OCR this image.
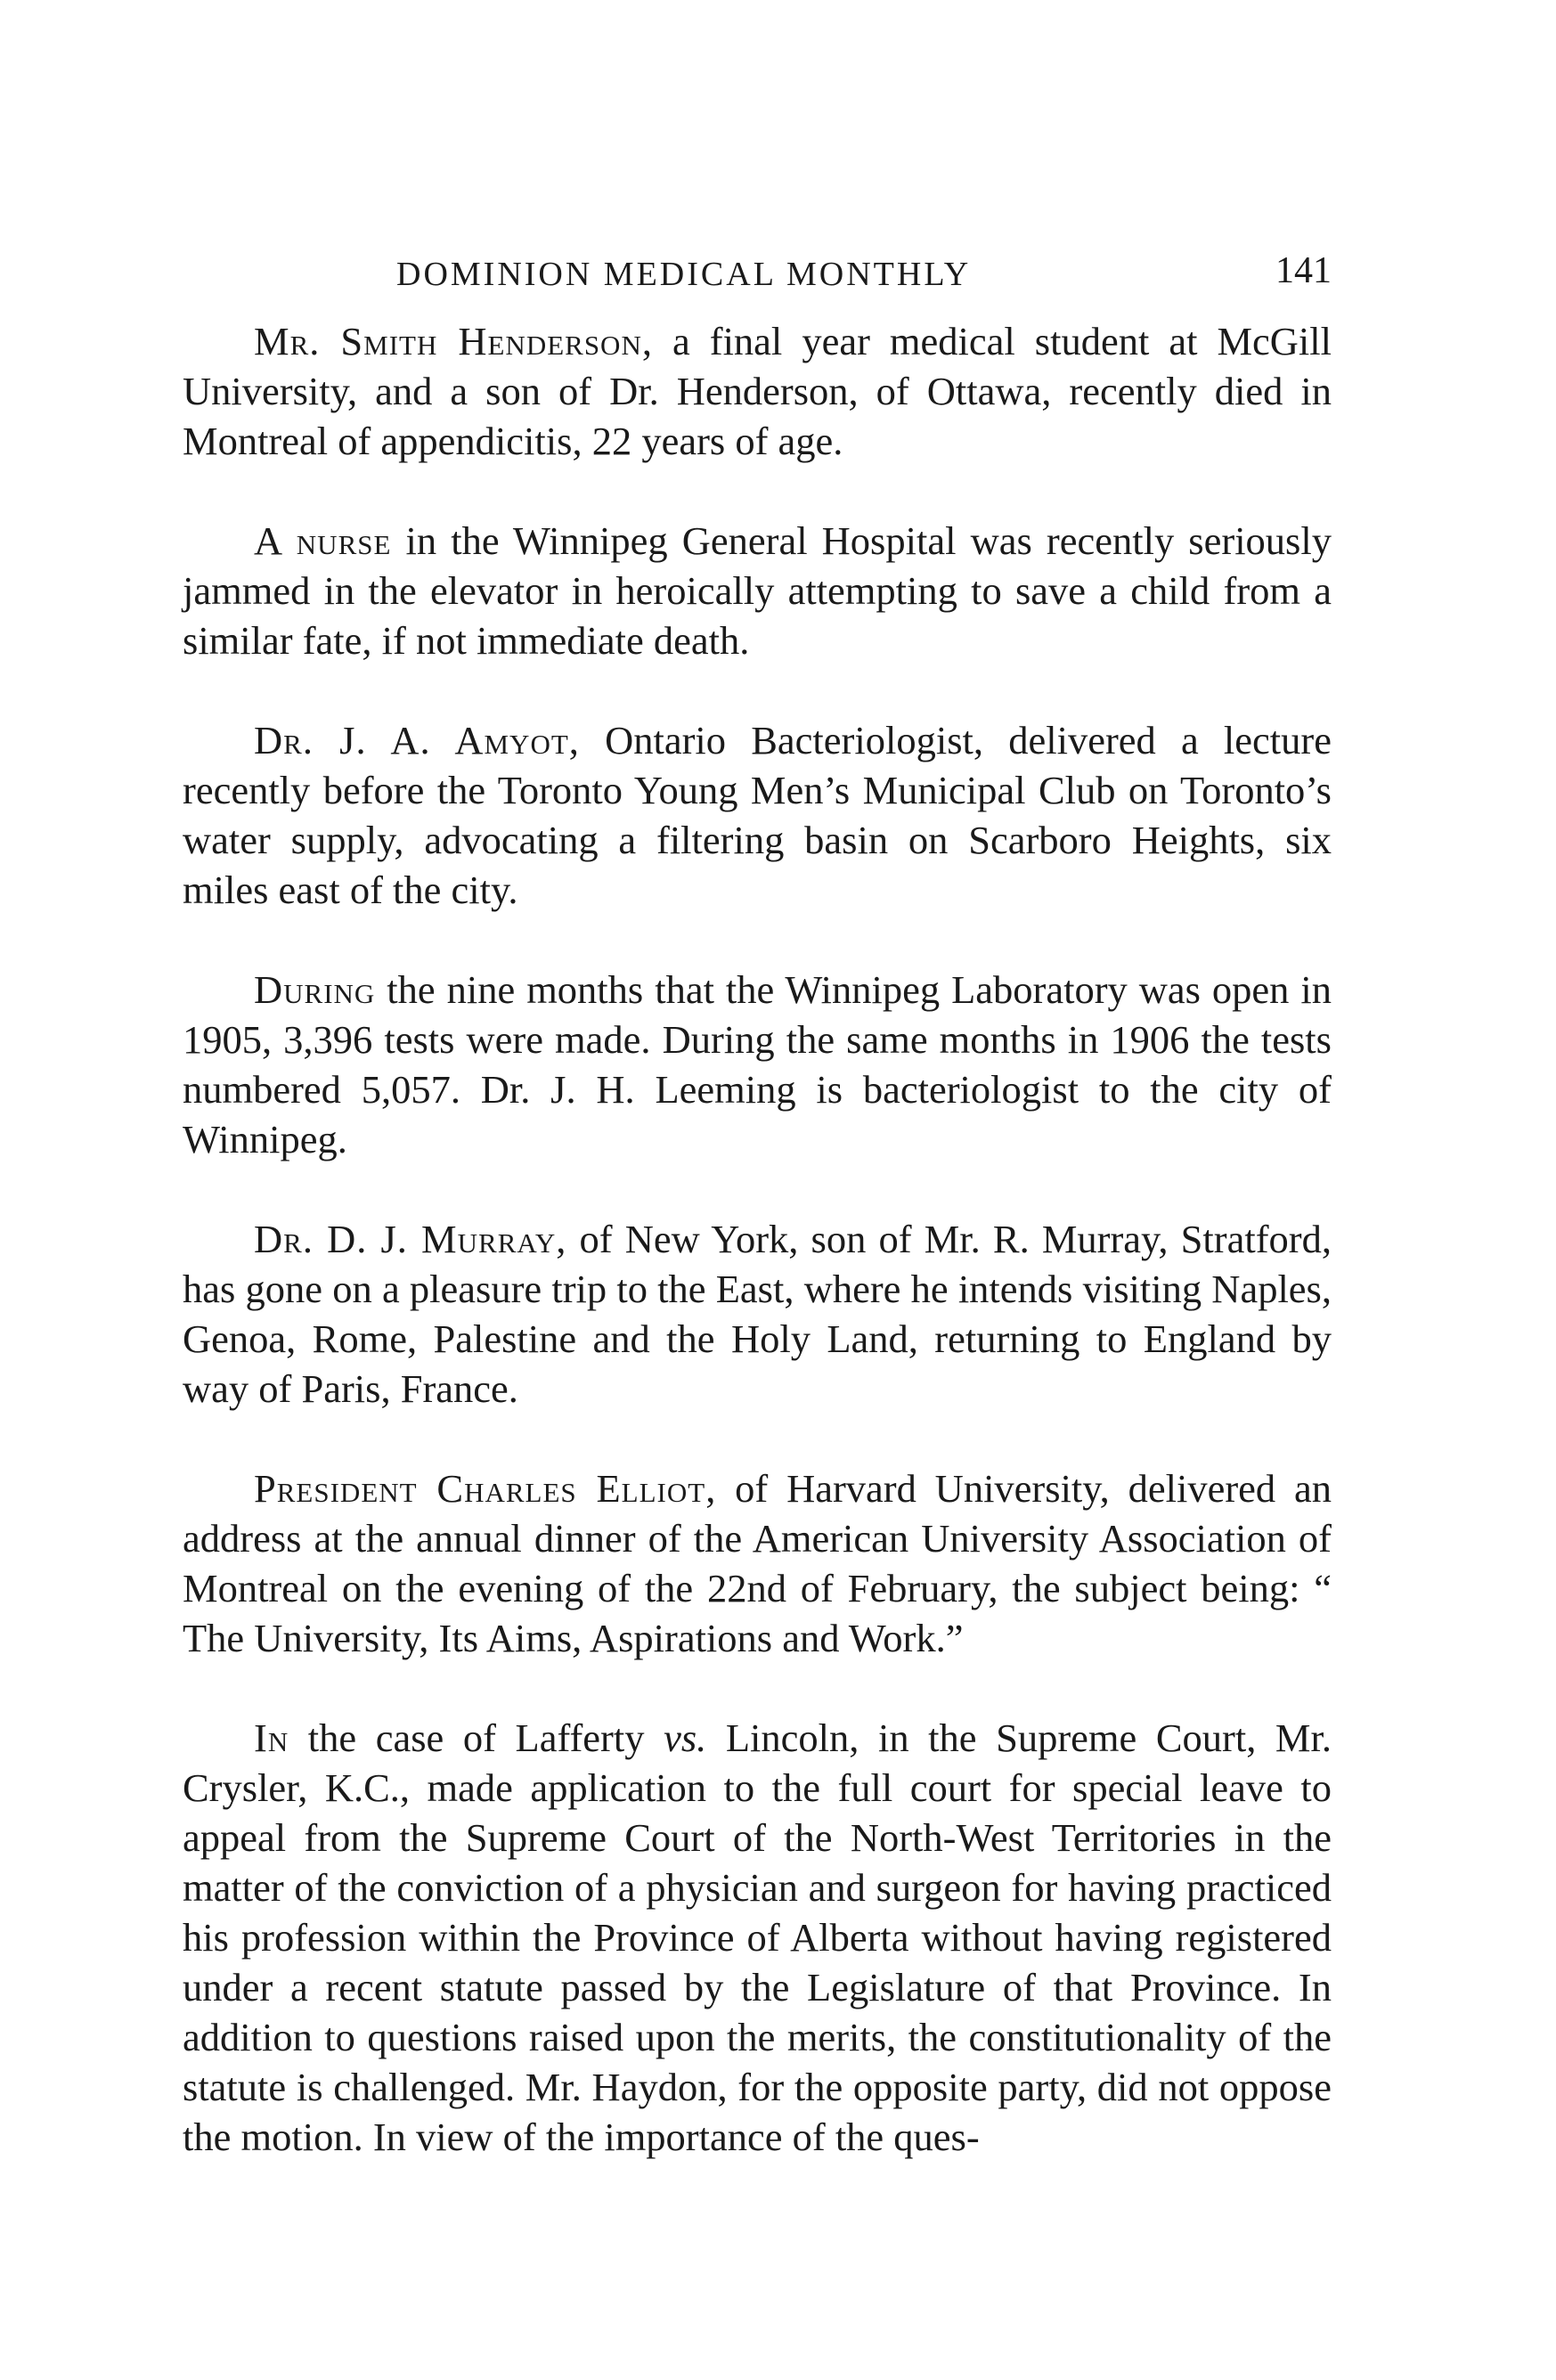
DOMINION MEDICAL MONTHLY	141

Mr. Smith Henderson, a final year medical student at McGill University, and a son of Dr. Henderson, of Ottawa, recently died in Montreal of appendicitis, 22 years of age.

A nurse in the Winnipeg General Hospital was recently seriously jammed in the elevator in heroically attempting to save a child from a similar fate, if not immediate death.

Dr. J. A. Amyot, Ontario Bacteriologist, delivered a lecture recently before the Toronto Young Men’s Municipal Club on Toronto’s water supply, advocating a filtering basin on Scarboro Heights, six miles east of the city.

During the nine months that the Winnipeg Laboratory was open in 1905, 3,396 tests were made. During the same months in 1906 the tests numbered 5,057. Dr. J. H. Leeming is bacteriologist to the city of Winnipeg.

Dr. D. J. Murray, of New York, son of Mr. R. Murray, Stratford, has gone on a pleasure trip to the East, where he intends visiting Naples, Genoa, Rome, Palestine and the Holy Land, returning to England by way of Paris, France.

President Charles Elliot, of Harvard University, delivered an address at the annual dinner of the American University Association of Montreal on the evening of the 22nd of February, the subject being: “ The University, Its Aims, Aspirations and Work.”

In the case of Lafferty vs. Lincoln, in the Supreme Court, Mr. Crysler, K.C., made application to the full court for special leave to appeal from the Supreme Court of the North-West Territories in the matter of the conviction of a physician and surgeon for having practiced his profession within the Province of Alberta without having registered under a recent statute passed by the Legislature of that Province. In addition to questions raised upon the merits, the constitutionality of the statute is challenged. Mr. Haydon, for the opposite party, did not oppose the motion. In view of the importance of the ques-
